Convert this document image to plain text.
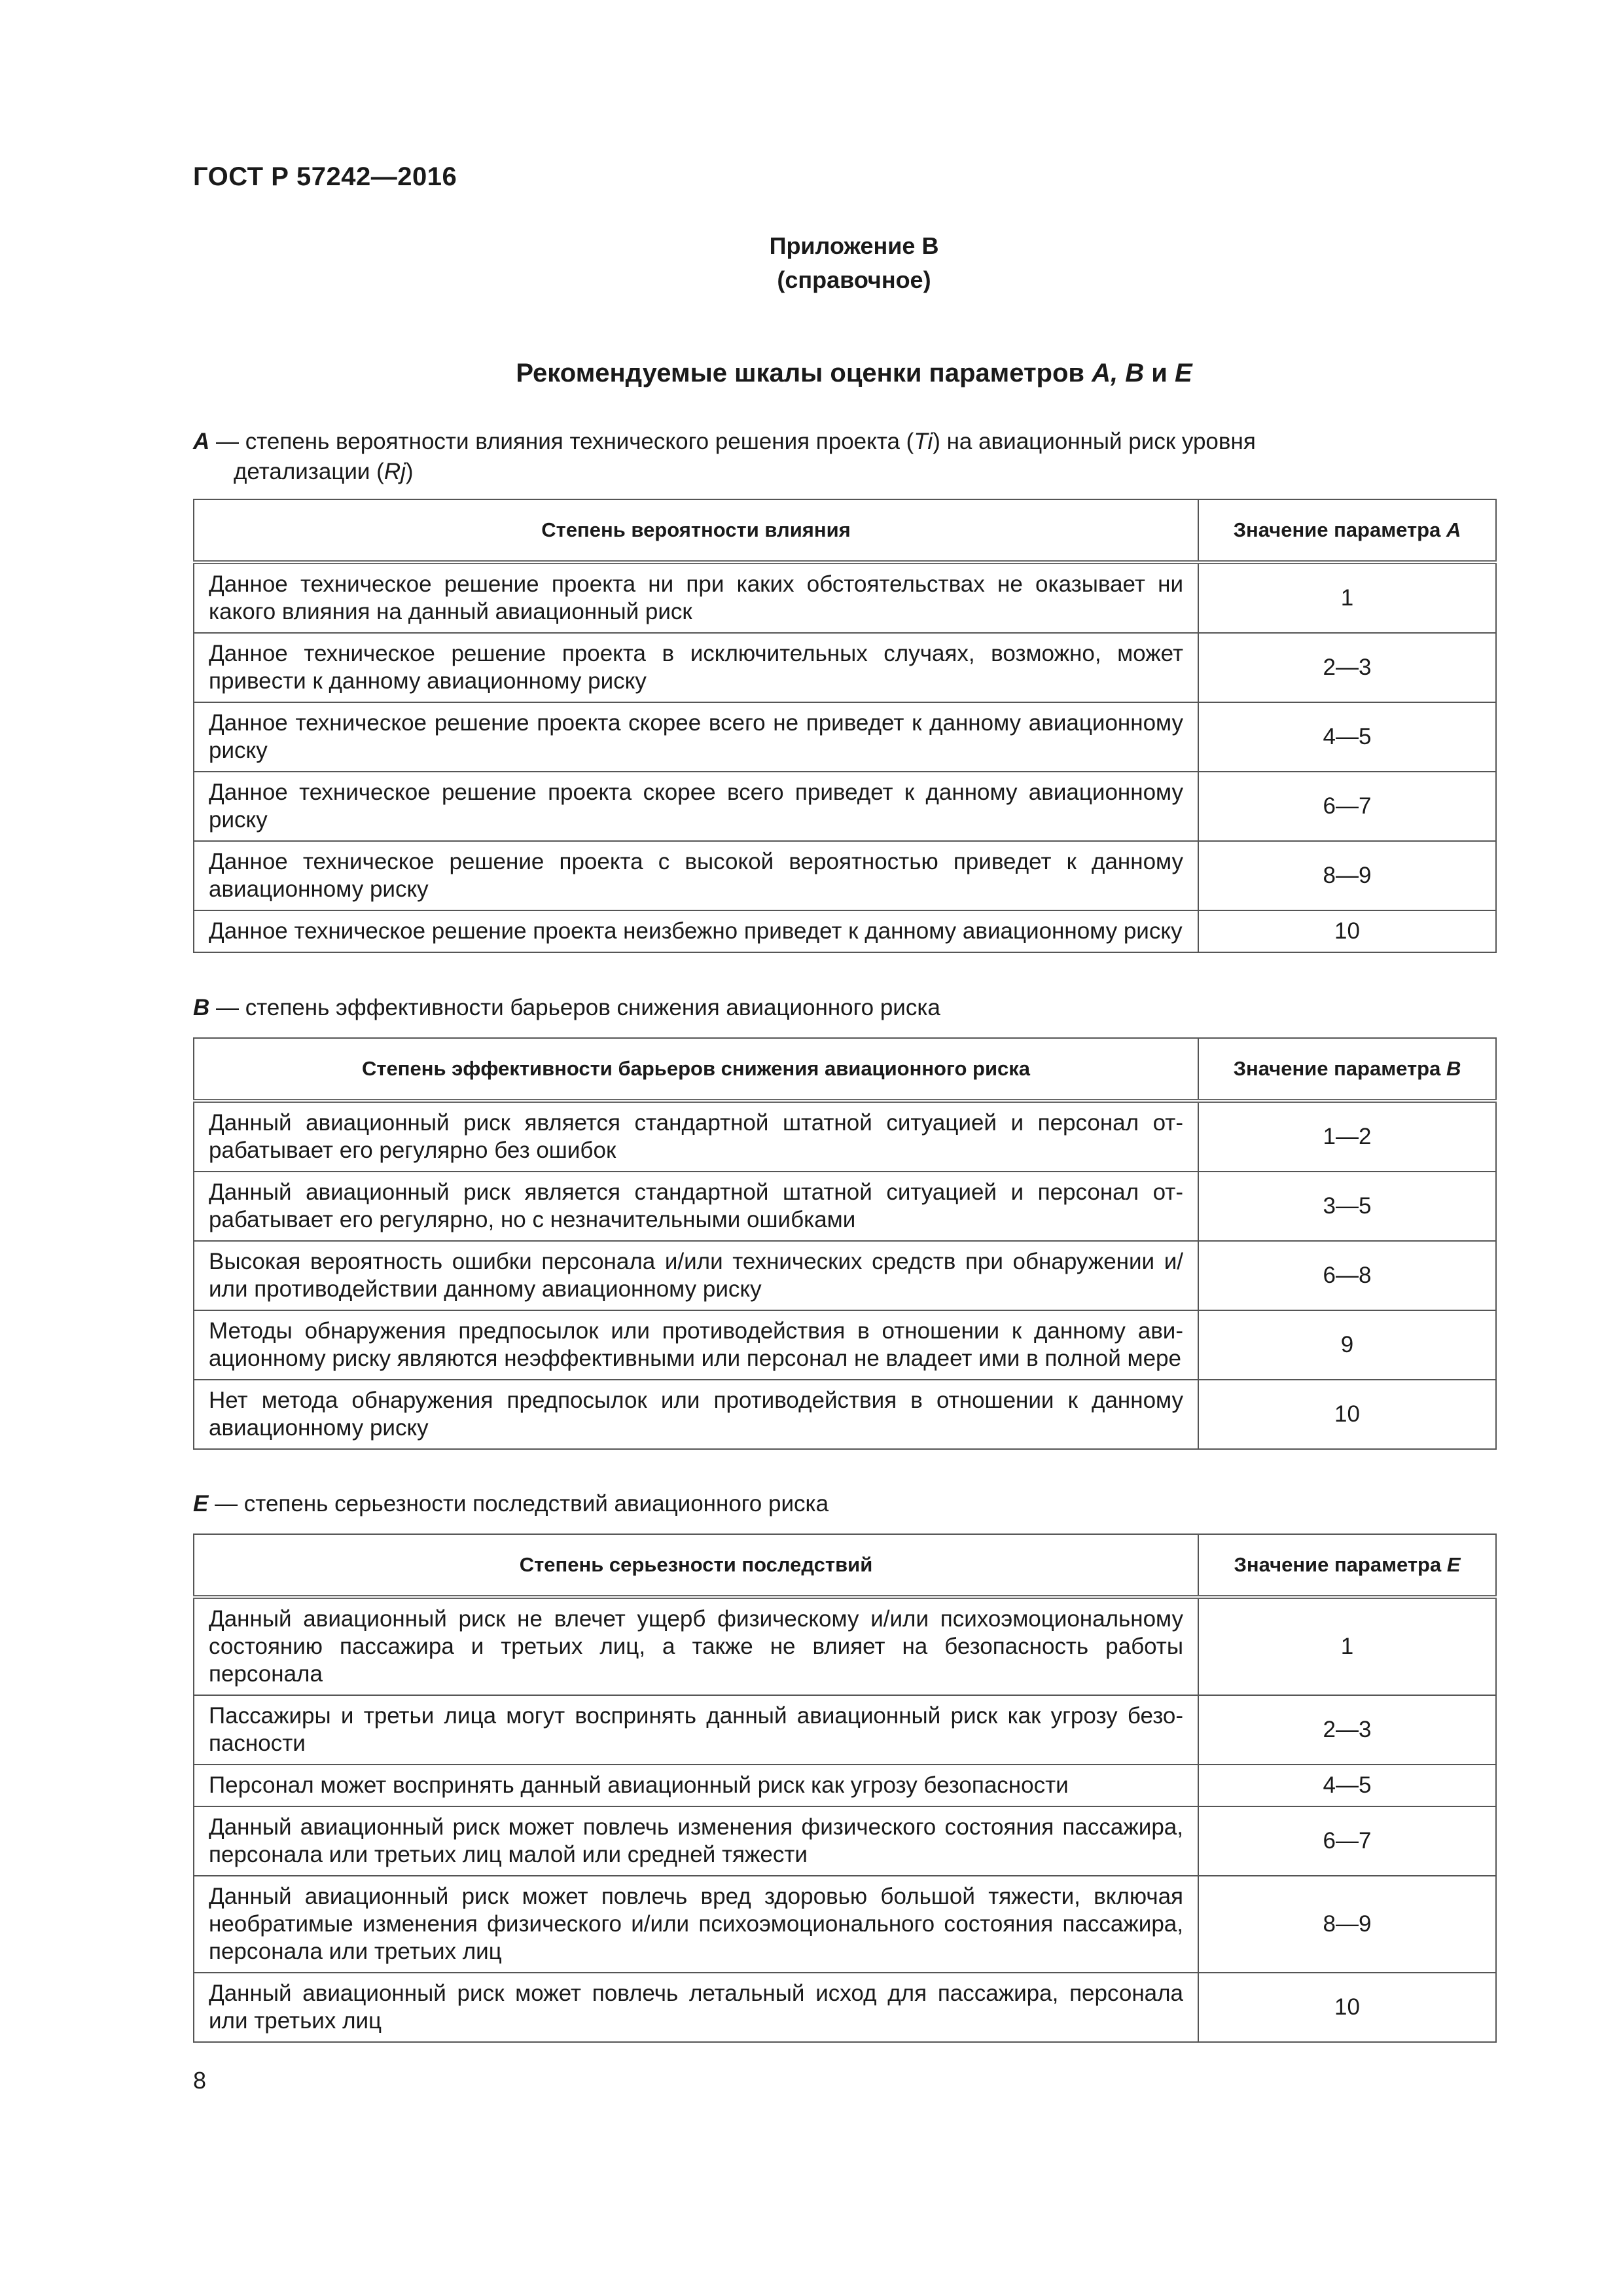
ГОСТ Р 57242—2016
Приложение В
(справочное)
Рекомендуемые шкалы оценки параметров A, B и E
A — степень вероятности влияния технического решения проекта (Ti) на авиационный риск уровня
детализации (Rj)
Степень вероятности влияния	Значение параметра A
Данное техническое решение проекта ни при каких обстоятельствах не оказывает ни какого влияния на данный авиационный риск	1
Данное техническое решение проекта в исключительных случаях, возможно, может привести к данному авиационному риску	2—3
Данное техническое решение проекта скорее всего не приведет к данному авиационному риску	4—5
Данное техническое решение проекта скорее всего приведет к данному авиационному риску	6—7
Данное техническое решение проекта с высокой вероятностью приведет к данному авиационному риску	8—9
Данное техническое решение проекта неизбежно приведет к данному авиационному риску	10
B — степень эффективности барьеров снижения авиационного риска
Степень эффективности барьеров снижения авиационного риска	Значение параметра B
Данный авиационный риск является стандартной штатной ситуацией и персонал отрабатывает его регулярно без ошибок	1—2
Данный авиационный риск является стандартной штатной ситуацией и персонал отрабатывает его регулярно, но с незначительными ошибками	3—5
Высокая вероятность ошибки персонала и/или технических средств при обнаружении и/или противодействии данному авиационному риску	6—8
Методы обнаружения предпосылок или противодействия в отношении к данному авиационному риску являются неэффективными или персонал не владеет ими в полной мере	9
Нет метода обнаружения предпосылок или противодействия в отношении к данному авиационному риску	10
E — степень серьезности последствий авиационного риска
Степень серьезности последствий	Значение параметра E
Данный авиационный риск не влечет ущерб физическому и/или психоэмоциональному состоянию пассажира и третьих лиц, а также не влияет на безопасность работы персонала	1
Пассажиры и третьи лица могут воспринять данный авиационный риск как угрозу безопасности	2—3
Персонал может воспринять данный авиационный риск как угрозу безопасности	4—5
Данный авиационный риск может повлечь изменения физического состояния пассажира, персонала или третьих лиц малой или средней тяжести	6—7
Данный авиационный риск может повлечь вред здоровью большой тяжести, включая необратимые изменения физического и/или психоэмоционального состояния пассажира, персонала или третьих лиц	8—9
Данный авиационный риск может повлечь летальный исход для пассажира, персонала или третьих лиц	10
8
